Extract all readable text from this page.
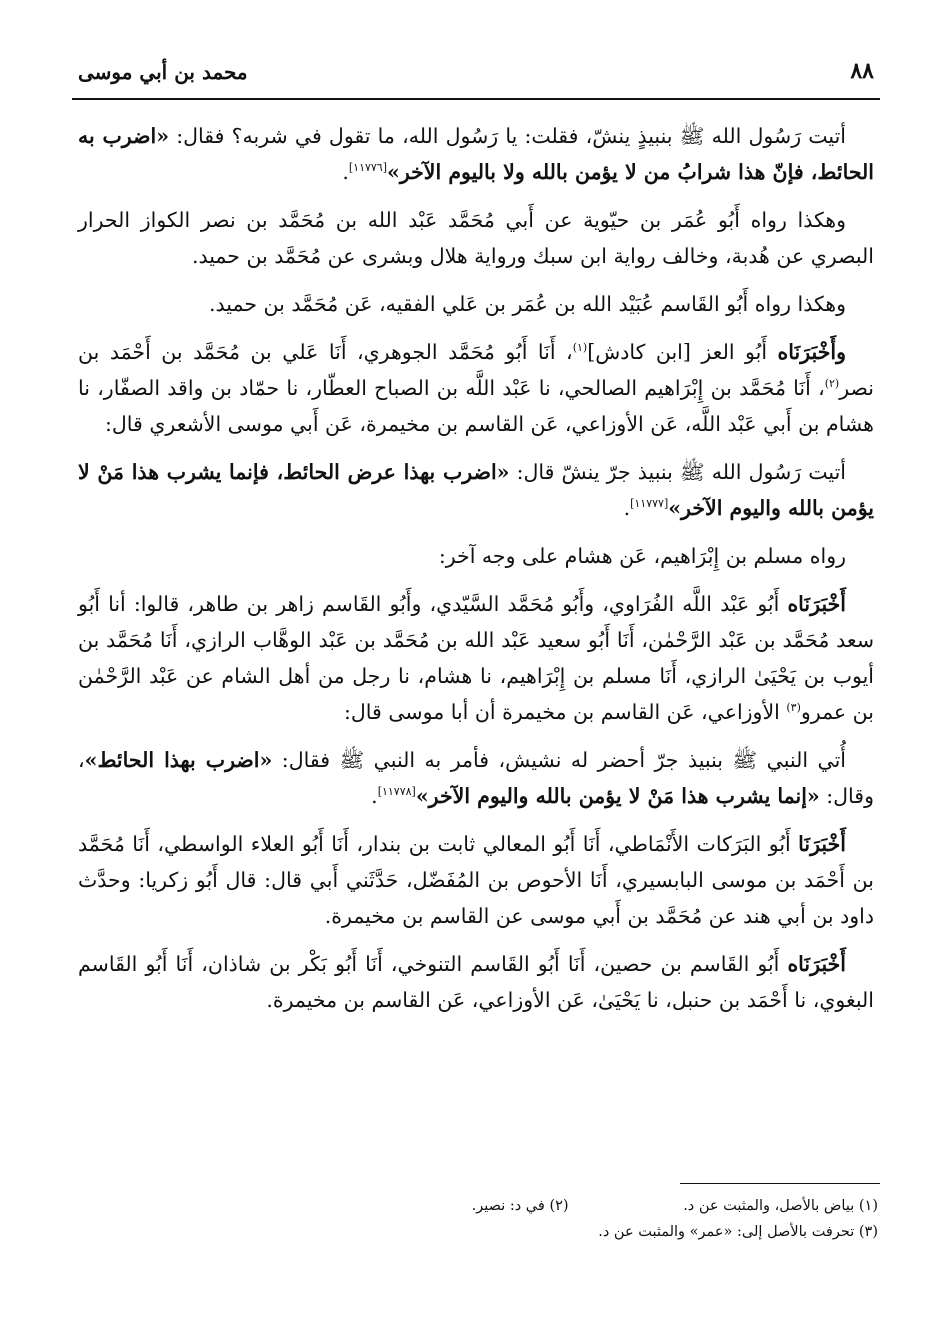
٨٨
محمد بن أبي موسى

أتيت رَسُول الله ﷺ بنبيذٍ ينشّ، فقلت: يا رَسُول الله، ما تقول في شربه؟ فقال: «اضرب به الحائط، فإنّ هذا شرابُ من لا يؤمن بالله ولا باليوم الآخر»[١١٧٧٦].

وهكذا رواه أَبُو عُمَر بن حيّوية عن أَبي مُحَمَّد عَبْد الله بن مُحَمَّد بن نصر الكواز الحرار البصري عن هُدبة، وخالف رواية ابن سبك ورواية هلال وبشرى عن مُحَمَّد بن حميد.

وهكذا رواه أَبُو القَاسم عُبَيْد الله بن عُمَر بن عَلي الفقيه، عَن مُحَمَّد بن حميد.

وأَخْبَرَنَاه أَبُو العز [ابن كادش]$^{(١)}$، أَنَا أَبُو مُحَمَّد الجوهري، أَنَا عَلي بن مُحَمَّد بن أَحْمَد بن نصر$^{(٢)}$، أَنَا مُحَمَّد بن إِبْرَاهيم الصالحي، نا عَبْد اللَّه بن الصباح العطّار، نا حمّاد بن واقد الصفّار، نا هشام بن أَبي عَبْد اللَّه، عَن الأوزاعي، عَن القاسم بن مخيمرة، عَن أَبي موسى الأشعري قال:

أتيت رَسُول الله ﷺ بنبيذ جرّ ينشّ قال: «اضرب بهذا عرض الحائط، فإنما يشرب هذا مَنْ لا يؤمن بالله واليوم الآخر»[١١٧٧٧].

رواه مسلم بن إِبْرَاهيم، عَن هشام على وجه آخر:

أَخْبَرَنَاه أَبُو عَبْد اللَّه الفُرَاوي، وأَبُو مُحَمَّد السَّيّدي، وأَبُو القَاسم زاهر بن طاهر، قالوا: أنا أَبُو سعد مُحَمَّد بن عَبْد الرَّحْمٰن، أَنَا أَبُو سعيد عَبْد الله بن مُحَمَّد بن عَبْد الوهَّاب الرازي، أَنَا مُحَمَّد بن أيوب بن يَحْيَىٰ الرازي، أَنَا مسلم بن إِبْرَاهيم، نا هشام، نا رجل من أهل الشام عن عَبْد الرَّحْمٰن بن عمرو$^{(٣)}$ الأوزاعي، عَن القاسم بن مخيمرة أن أبا موسى قال:

أُتي النبي ﷺ بنبيذ جرّ أحضر له نشيش، فأمر به النبي ﷺ فقال: «اضرب بهذا الحائط»، وقال: «إنما يشرب هذا مَنْ لا يؤمن بالله واليوم الآخر»[١١٧٧٨].

أَخْبَرَنَا أَبُو البَرَكات الأَنْمَاطي، أَنَا أَبُو المعالي ثابت بن بندار، أَنَا أَبُو العلاء الواسطي، أَنَا مُحَمَّد بن أَحْمَد بن موسى البابسيري، أَنَا الأحوص بن المُفَضّل، حَدَّثَني أَبي قال: قال أَبُو زكريا: وحدَّث داود بن أبي هند عن مُحَمَّد بن أَبي موسى عن القاسم بن مخيمرة.

أَخْبَرَنَاه أَبُو القَاسم بن حصين، أَنَا أَبُو القَاسم التنوخي، أَنَا أَبُو بَكْر بن شاذان، أَنَا أَبُو القَاسم البغوي، نا أَحْمَد بن حنبل، نا يَحْيَىٰ، عَن الأوزاعي، عَن القاسم بن مخيمرة.

(١) بياض بالأصل، والمثبت عن د. (٢) في د: نصير.
(٣) تحرفت بالأصل إلى: «عمر» والمثبت عن د.
